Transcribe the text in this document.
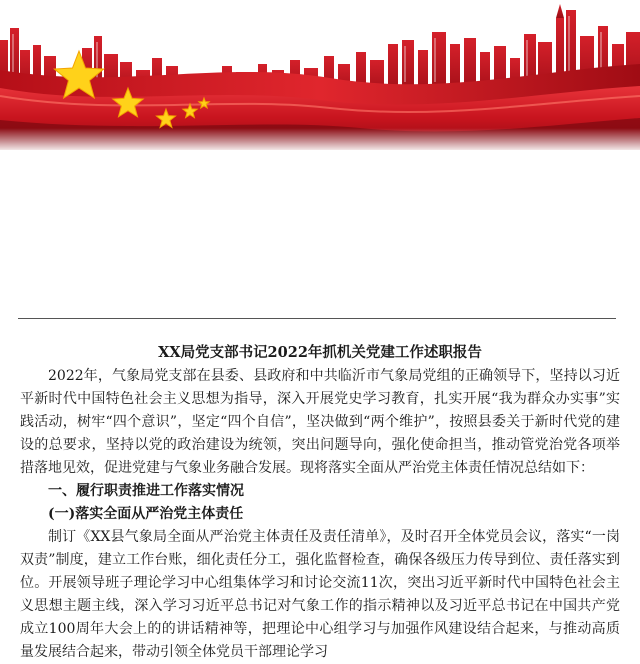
XX局党支部书记2022年抓机关党建工作述职报告

2022年，气象局党支部在县委、县政府和中共临沂市气象局党组的正确领导下，坚持以习近平新时代中国特色社会主义思想为指导，深入开展党史学习教育，扎实开展“我为群众办实事”实践活动，树牢“四个意识”，坚定“四个自信”，坚决做到“两个维护”，按照县委关于新时代党的建设的总要求，坚持以党的政治建设为统领，突出问题导向，强化使命担当，推动管党治党各项举措落地见效，促进党建与气象业务融合发展。现将落实全面从严治党主体责任情况总结如下：

一、履行职责推进工作落实情况
(一)落实全面从严治党主体责任

制订《XX县气象局全面从严治党主体责任及责任清单》，及时召开全体党员会议，落实“一岗双责”制度，建立工作台账，细化责任分工，强化监督检查，确保各级压力传导到位、责任落实到位。开展领导班子理论学习中心组集体学习和讨论交流11次，突出习近平新时代中国特色社会主义思想主题主线，深入学习习近平总书记对气象工作的指示精神以及习近平总书记在中国共产党成立100周年大会上的的讲话精神等，把理论中心组学习与加强作风建设结合起来，与推动高质量发展结合起来，带动引领全体党员干部理论学习
